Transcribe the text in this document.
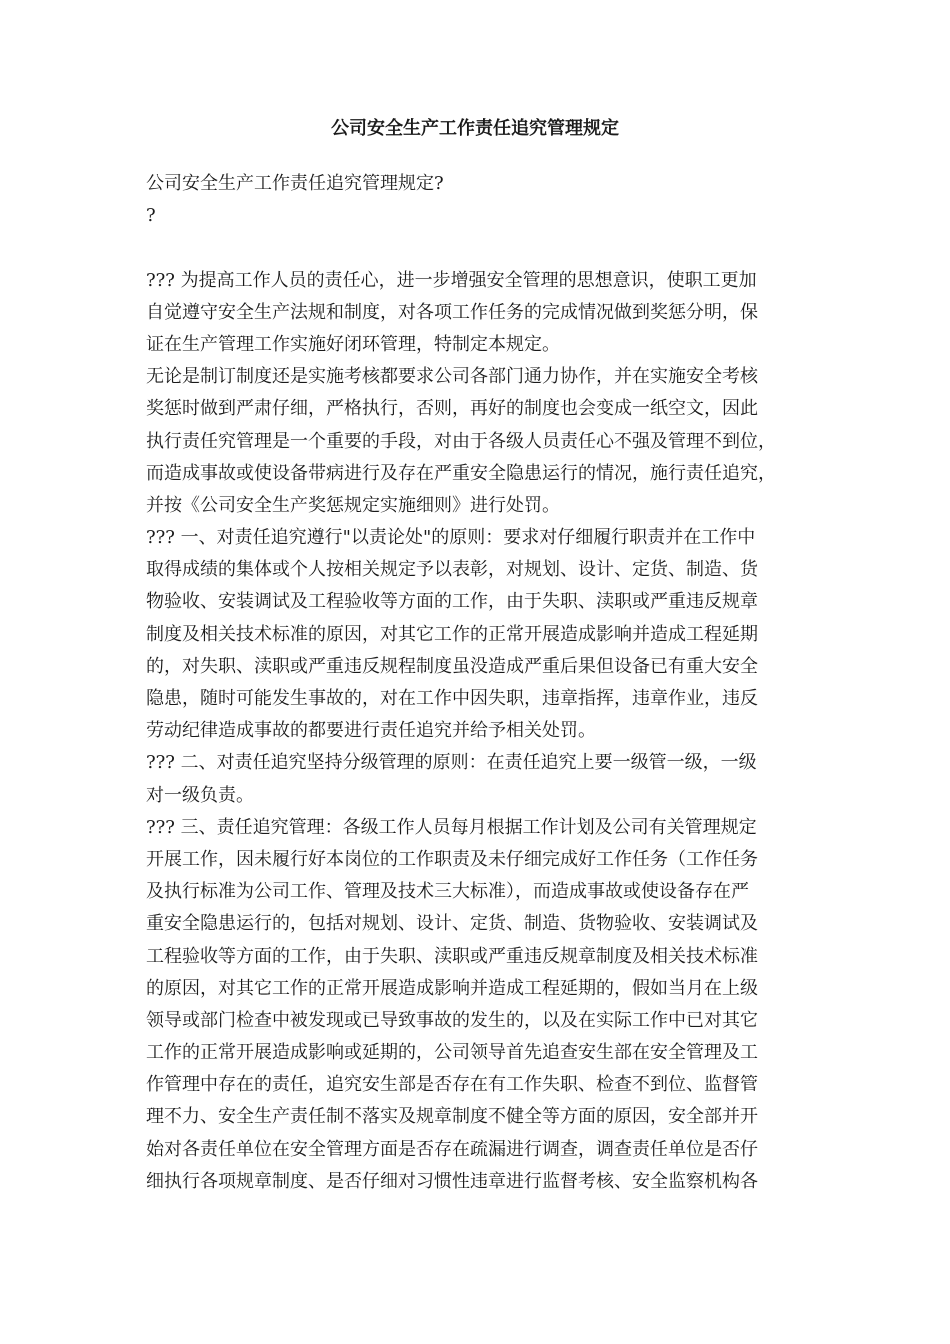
公司安全生产工作责任追究管理规定
公司安全生产工作责任追究管理规定?
?
??? 为提高工作人员的责任心，进一步增强安全管理的思想意识，使职工更加
自觉遵守安全生产法规和制度，对各项工作任务的完成情况做到奖惩分明，保
证在生产管理工作实施好闭环管理，特制定本规定。
无论是制订制度还是实施考核都要求公司各部门通力协作，并在实施安全考核
奖惩时做到严肃仔细，严格执行，否则，再好的制度也会变成一纸空文，因此
执行责任究管理是一个重要的手段，对由于各级人员责任心不强及管理不到位，
而造成事故或使设备带病进行及存在严重安全隐患运行的情况，施行责任追究，
并按《公司安全生产奖惩规定实施细则》进行处罚。
??? 一、对责任追究遵行"以责论处"的原则：要求对仔细履行职责并在工作中
取得成绩的集体或个人按相关规定予以表彰，对规划、设计、定货、制造、货
物验收、安装调试及工程验收等方面的工作，由于失职、渎职或严重违反规章
制度及相关技术标准的原因，对其它工作的正常开展造成影响并造成工程延期
的，对失职、渎职或严重违反规程制度虽没造成严重后果但设备已有重大安全
隐患，随时可能发生事故的，对在工作中因失职，违章指挥，违章作业，违反
劳动纪律造成事故的都要进行责任追究并给予相关处罚。
??? 二、对责任追究坚持分级管理的原则：在责任追究上要一级管一级，一级
对一级负责。
??? 三、责任追究管理：各级工作人员每月根据工作计划及公司有关管理规定
开展工作，因未履行好本岗位的工作职责及未仔细完成好工作任务（工作任务
及执行标准为公司工作、管理及技术三大标准），而造成事故或使设备存在严
重安全隐患运行的，包括对规划、设计、定货、制造、货物验收、安装调试及
工程验收等方面的工作，由于失职、渎职或严重违反规章制度及相关技术标准
的原因，对其它工作的正常开展造成影响并造成工程延期的，假如当月在上级
领导或部门检查中被发现或已导致事故的发生的，以及在实际工作中已对其它
工作的正常开展造成影响或延期的，公司领导首先追查安生部在安全管理及工
作管理中存在的责任，追究安生部是否存在有工作失职、检查不到位、监督管
理不力、安全生产责任制不落实及规章制度不健全等方面的原因，安全部并开
始对各责任单位在安全管理方面是否存在疏漏进行调查，调查责任单位是否仔
细执行各项规章制度、是否仔细对习惯性违章进行监督考核、安全监察机构各
